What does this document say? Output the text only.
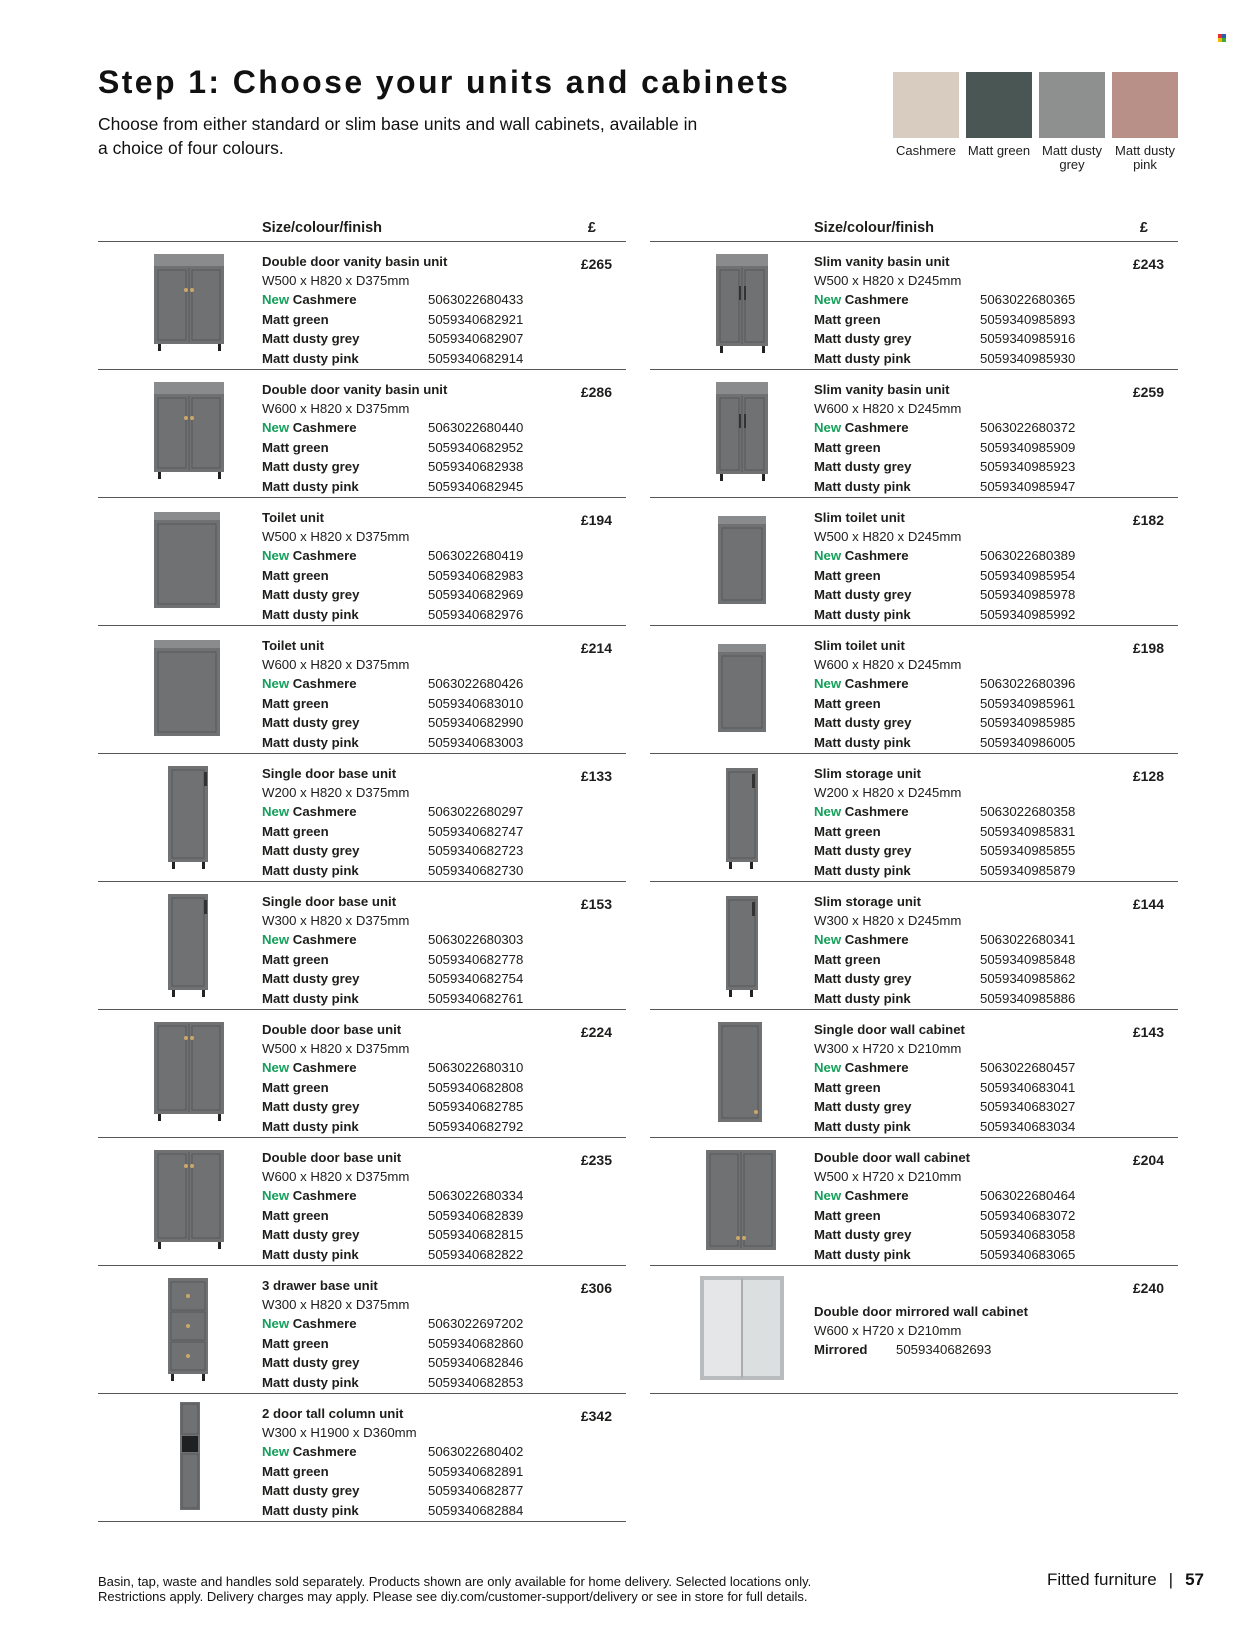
Step 1: Choose your units and cabinets

Choose from either standard or slim base units and wall cabinets, available in a choice of four colours.	Cashmere Matt green Matt dusty grey
Matt dusty pink
Size/colour/finish	£
Double door vanity basin unit
W500 x H820 x D375mm
£265
New Cashmere	5063022680433
Matt green	5059340682921
Matt dusty grey	5059340682907
Matt dusty pink	5059340682914
Double door vanity basin unit
W600 x H820 x D375mm
£286
New Cashmere	5063022680440
Matt green	5059340682952
Matt dusty grey	5059340682938
Matt dusty pink	5059340682945
Toilet unit
W500 x H820 x D375mm
£194
New Cashmere	5063022680419
Matt green	5059340682983
Matt dusty grey	5059340682969
Matt dusty pink	5059340682976
Toilet unit
W600 x H820 x D375mm
£214
New Cashmere	5063022680426
Matt green	5059340683010
Matt dusty grey	5059340682990
Matt dusty pink	5059340683003
Single door base unit
W200 x H820 x D375mm
£133
New Cashmere	5063022680297
Matt green	5059340682747
Matt dusty grey	5059340682723
Matt dusty pink	5059340682730
Single door base unit
W300 x H820 x D375mm
£153
New Cashmere	5063022680303
Matt green	5059340682778
Matt dusty grey	5059340682754
Matt dusty pink	5059340682761
Double door base unit
W500 x H820 x D375mm
£224
New Cashmere	5063022680310
Matt green	5059340682808
Matt dusty grey	5059340682785
Matt dusty pink	5059340682792
Double door base unit
W600 x H820 x D375mm
£235
New Cashmere	5063022680334
Matt green	5059340682839
Matt dusty grey	5059340682815
Matt dusty pink	5059340682822
3 drawer base unit
W300 x H820 x D375mm
£306
New Cashmere	5063022697202
Matt green	5059340682860
Matt dusty grey	5059340682846
Matt dusty pink	5059340682853
2 door tall column unit
W300 x H1900 x D360mm
£342
New Cashmere	5063022680402
Matt green	5059340682891
Matt dusty grey	5059340682877
Matt dusty pink	5059340682884
Size/colour/finish	£
Slim vanity basin unit
W500 x H820 x D245mm
£243
New Cashmere	5063022680365
Matt green	5059340985893
Matt dusty grey	5059340985916
Matt dusty pink	5059340985930
Slim vanity basin unit
W600 x H820 x D245mm
£259
New Cashmere	5063022680372
Matt green	5059340985909
Matt dusty grey	5059340985923
Matt dusty pink	5059340985947
Slim toilet unit
W500 x H820 x D245mm
£182
New Cashmere	5063022680389
Matt green	5059340985954
Matt dusty grey	5059340985978
Matt dusty pink	5059340985992
Slim toilet unit
W600 x H820 x D245mm
£198
New Cashmere	5063022680396
Matt green	5059340985961
Matt dusty grey	5059340985985
Matt dusty pink	5059340986005
Slim storage unit
W200 x H820 x D245mm
£128
New Cashmere	5063022680358
Matt green	5059340985831
Matt dusty grey	5059340985855
Matt dusty pink	5059340985879
Slim storage unit
W300 x H820 x D245mm
£144
New Cashmere	5063022680341
Matt green	5059340985848
Matt dusty grey	5059340985862
Matt dusty pink	5059340985886
Single door wall cabinet
W300 x H720 x D210mm
£143
New Cashmere	5063022680457
Matt green	5059340683041
Matt dusty grey	5059340683027
Matt dusty pink	5059340683034
Double door wall cabinet
W500 x H720 x D210mm
£204
New Cashmere	5063022680464
Matt green	5059340683072
Matt dusty grey	5059340683058
Matt dusty pink	5059340683065
Double door mirrored wall cabinet
W600 x H720 x D210mm
£240
Mirrored 5059340682693
Basin, tap, waste and handles sold separately. Products shown are only available for home delivery. Selected locations only.
Restrictions apply. Delivery charges may apply. Please see diy.com/customer-support/delivery or see in store for full details.
Fitted furniture | 57
